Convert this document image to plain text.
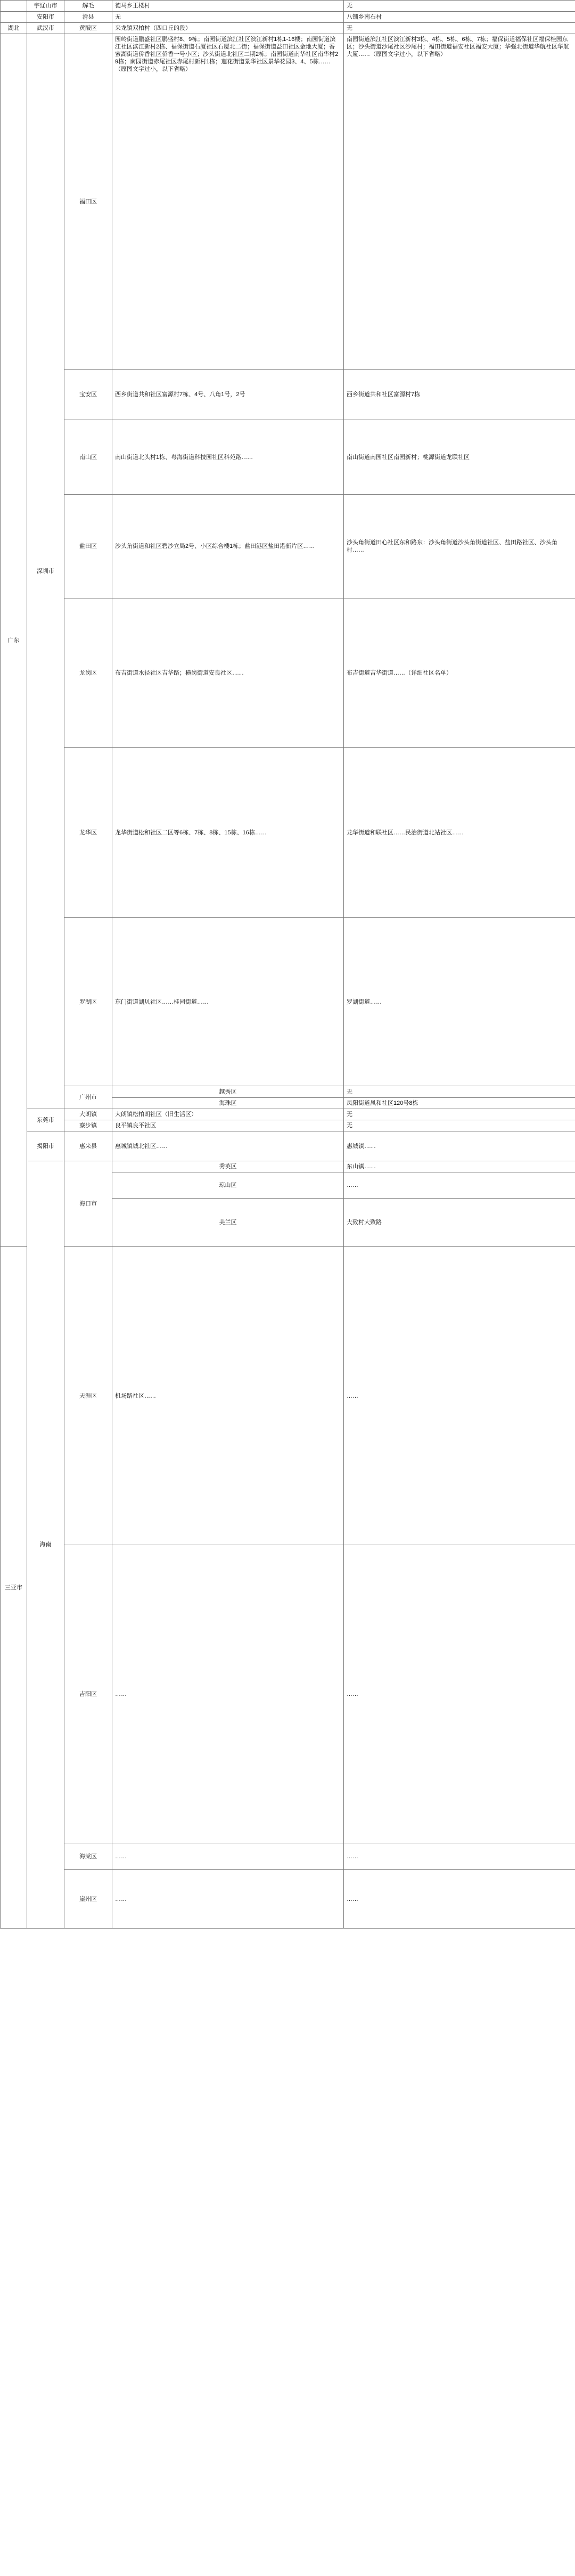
	宇辽山市	解毛	德马乡王楼村	无	
	安阳市	滑县	无	八铺乡南石村	
湖北	武汉市	黄陂区	来龙镇双柏村（四口丘的段）	无	
广东	深圳市	福田区	园岭街道鹏盛社区鹏盛村8、9栋；南园街道滨江社区滨江新村1栋1-16楼；南园街道滨江社区滨江新村2栋、福保街道石厦社区石厦北二街；福保街道益田社区金地大厦；香蜜湖街道侨香社区侨香一号小区；沙头街道北社区二期2栋；南园街道南华社区南华村29栋；南园街道赤尾社区赤尾村新村1栋；莲花街道景华社区景华花园3、4、5栋……（原图文字过小，以下省略）	南园街道滨江社区滨江新村3栋、4栋、5栋、6栋、7栋；福保街道福保社区福保桂园东区；沙头街道沙尾社区沙尾村；福田街道福安社区福安大厦；华强北街道华航社区华航大厦……（原图文字过小，以下省略）	
		宝安区	西乡街道共和社区富源村7栋、4号、八角1号，2号	西乡街道共和社区富源村7栋	
		南山区	南山街道北头村1栋、粤海街道科技园社区科苑路……	南山街道南园社区南园新村；桃源街道龙联社区	
		盐田区	沙头角街道和社区碧沙立局2号、小区综合楼1栋；盐田港区盐田港新片区……	沙头角街道田心社区东和路东：沙头角街道沙头角街道社区、盐田路社区、沙头角村……	
		龙岗区	布吉街道水径社区吉华路；横岗街道安良社区……	布吉街道吉华街道……（详细社区名单）	
		龙华区	龙华街道松和社区二区等6栋、7栋、8栋、15栋、16栋……	龙华街道和联社区……民治街道北站社区……	
		罗湖区	东门街道湖贝社区……桂园街道……	罗湖街道……	
		广州市	越秀区	无	
			海珠区	凤阳街道凤和社区120号8栋	
	东莞市	大朗镇	大朗镇松柏朗社区（旧生活区）	无	
		寮步镇	良平镇良平社区	无	
	揭阳市	惠来县	惠城镇城北社区……	惠城镇……	
	海南	海口市	秀英区	东山镇……	
			琼山区	……	
			美兰区	大致村大致路	
三亚市		天涯区	机场路社区……	……	
		吉阳区	……	……	
		海棠区	……	……	
		崖州区	……	……	
